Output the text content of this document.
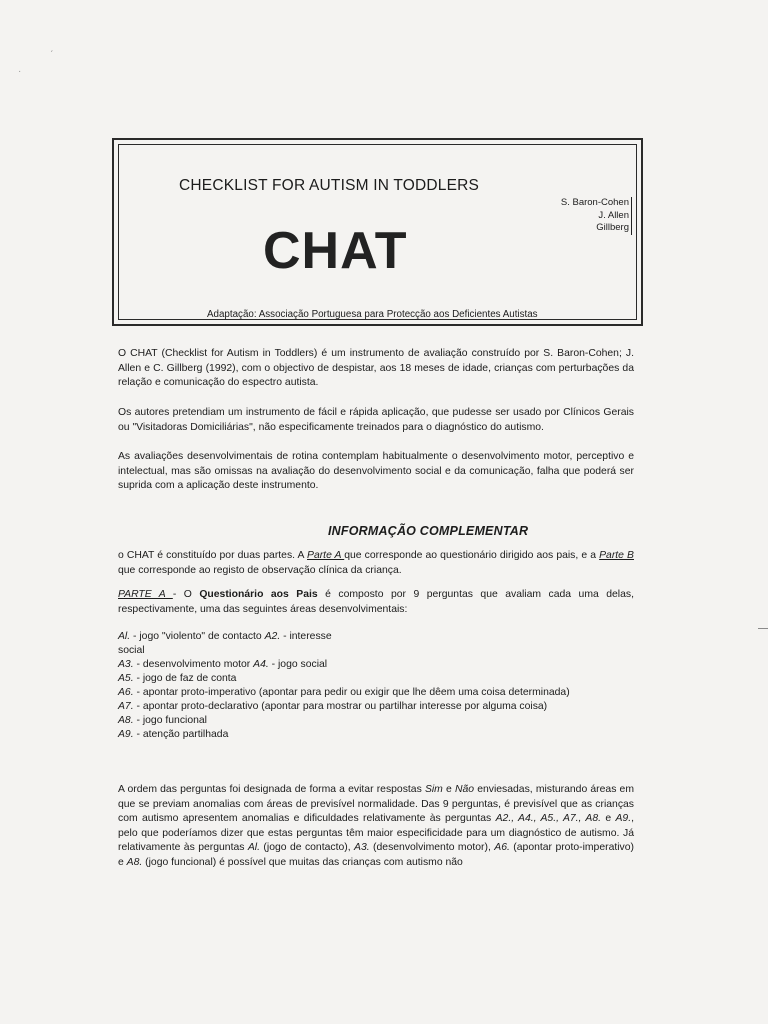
ˊ
·
CHECKLIST FOR AUTISM IN TODDLERS
S. Baron-Cohen
J. Allen
Gillberg
CHAT
Adaptação: Associação Portuguesa para Protecção aos Deficientes Autistas
O CHAT (Checklist for Autism in Toddlers) é um instrumento de avaliação construído por S. Baron-Cohen; J. Allen e C. Gillberg (1992), com o objectivo de despistar, aos 18 meses de idade, crianças com perturbações da relação e comunicação do espectro autista.
Os autores pretendiam um instrumento de fácil e rápida aplicação, que pudesse ser usado por Clínicos Gerais ou "Visitadoras Domiciliárias", não especificamente treinados para o diagnóstico do autismo.
As avaliações desenvolvimentais de rotina contemplam habitualmente o desenvolvimento motor, perceptivo e intelectual, mas são omissas na avaliação do desenvolvimento social e da comunicação, falha que poderá ser suprida com a aplicação deste instrumento.
INFORMAÇÃO COMPLEMENTAR
o CHAT é constituído por duas partes. A Parte A que corresponde ao questionário dirigido aos pais, e a Parte B que corresponde ao registo de observação clínica da criança.
PARTE A - O Questionário aos Pais é composto por 9 perguntas que avaliam cada uma delas, respectivamente, uma das seguintes áreas desenvolvimentais:
Al. - jogo "violento" de contacto A2. - interesse
social
A3. - desenvolvimento motor A4. - jogo social
A5. - jogo de faz de conta
A6. - apontar proto-imperativo (apontar para pedir ou exigir que lhe dêem uma coisa determinada)
A7. - apontar proto-declarativo (apontar para mostrar ou partilhar interesse por alguma coisa)
A8. - jogo funcional
A9. - atenção partilhada
A ordem das perguntas foi designada de forma a evitar respostas Sim e Não enviesadas, misturando áreas em que se previam anomalias com áreas de previsível normalidade. Das 9 perguntas, é previsível que as crianças com autismo apresentem anomalias e dificuldades relativamente às perguntas A2., A4., A5., A7., A8. e A9., pelo que poderíamos dizer que estas perguntas têm maior especificidade para um diagnóstico de autismo. Já relativamente às perguntas Al. (jogo de contacto), A3. (desenvolvimento motor), A6. (apontar proto-imperativo) e A8. (jogo funcional) é possível que muitas das crianças com autismo não
